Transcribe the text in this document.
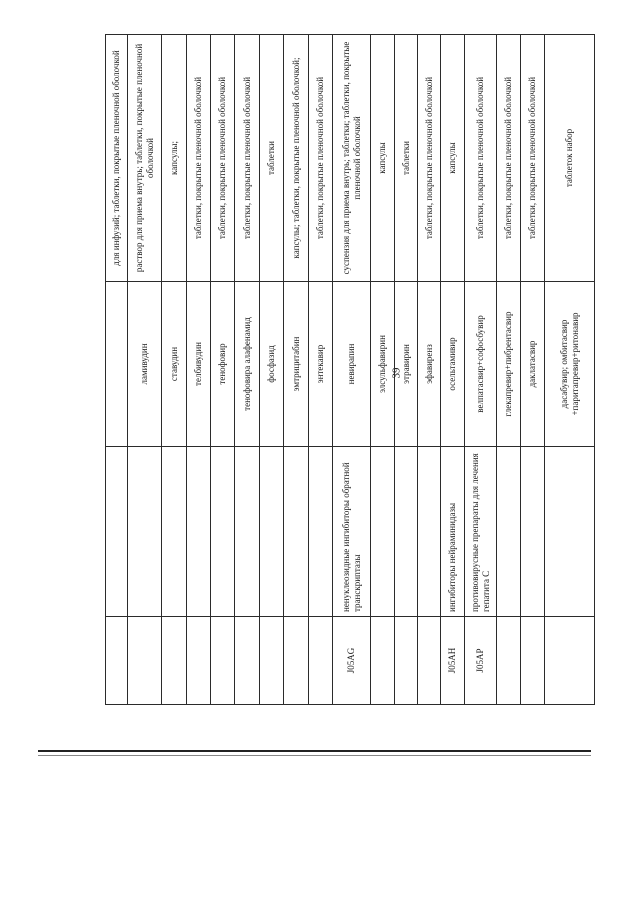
39
			для инфузий; таблетки, покрытые пленочной оболочкой
		ламивудин	раствор для приема внутрь; таблетки, покрытые пленочной оболочкой
		ставудин	капсулы;
		телбивудин	таблетки, покрытые пленочной оболочкой
		тенофовир	таблетки, покрытые пленочной оболочкой
		тенофовира алафенамид	таблетки, покрытые пленочной оболочкой
		фосфазид	таблетки
		эмтрицитабин	капсулы; таблетки, покрытые пленочной оболочкой;
		энтекавир	таблетки, покрытые пленочной оболочкой
J05AG	ненуклеозидные ингибиторы обратной транскриптазы	невирапин	суспензия для приема внутрь; таблетки; таблетки, покрытые пленочной оболочкой
		элсульфавирин	капсулы
		этравирин	таблетки
		эфавиренз	таблетки, покрытые пленочной оболочкой
J05AH	ингибиторы нейраминидазы	осельтамивир	капсулы
J05AP	противовирусные препараты для лечения гепатита C	велпатасвир+софосбувир	таблетки, покрытые пленочной оболочкой
		глекапревир+пибрентасвир	таблетки, покрытые пленочной оболочкой
		даклатасвир	таблетки, покрытые пленочной оболочкой
		дасабувир; омбитасвир +паритапревир+ритонавир	таблеток набор
